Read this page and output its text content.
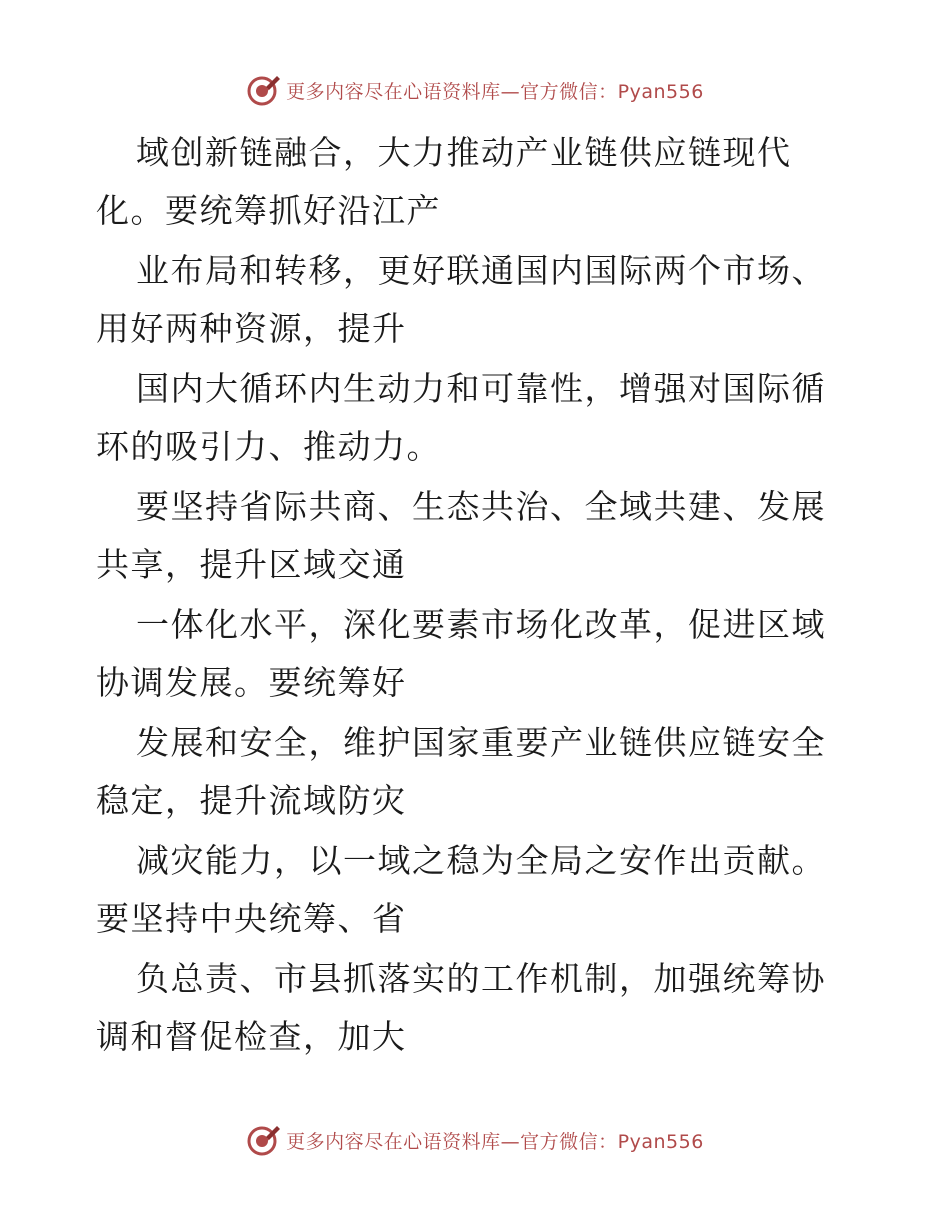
更多内容尽在心语资料库—官方微信：Pyan556

域创新链融合，大力推动产业链供应链现代化。要统筹抓好沿江产

业布局和转移，更好联通国内国际两个市场、用好两种资源，提升

国内大循环内生动力和可靠性，增强对国际循环的吸引力、推动力。

要坚持省际共商、生态共治、全域共建、发展共享，提升区域交通

一体化水平，深化要素市场化改革，促进区域协调发展。要统筹好

发展和安全，维护国家重要产业链供应链安全稳定，提升流域防灾

减灾能力，以一域之稳为全局之安作出贡献。要坚持中央统筹、省

负总责、市县抓落实的工作机制，加强统筹协调和督促检查，加大

更多内容尽在心语资料库—官方微信：Pyan556
